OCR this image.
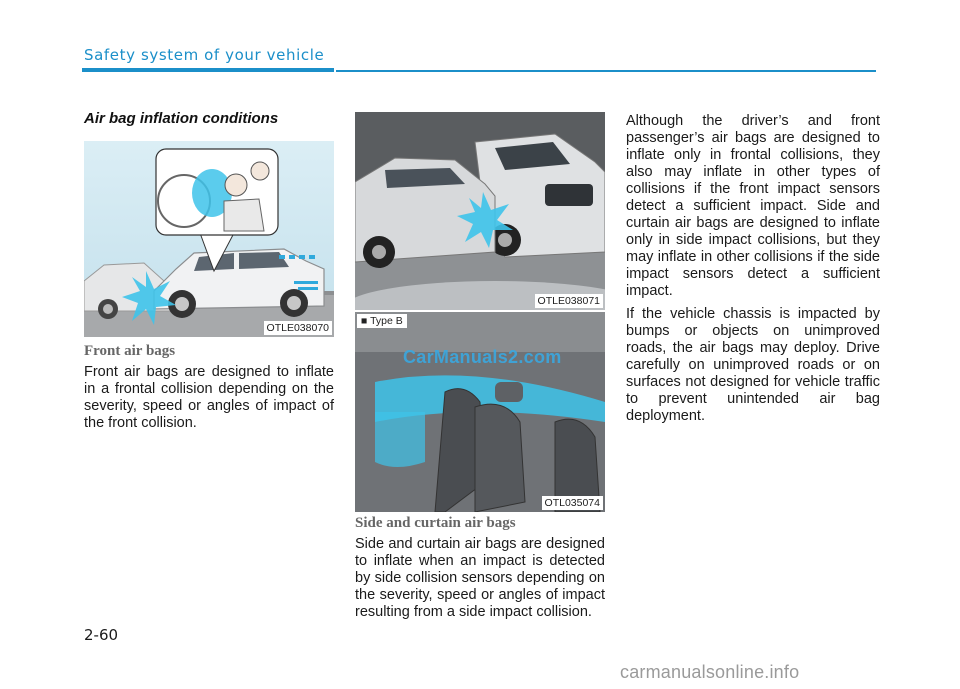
Safety system of your vehicle
Air bag inflation conditions
OTLE038070
Front air bags

Front air bags are designed to inflate in a frontal collision depending on the severity, speed or angles of impact of the front collision.

OTLE038071
■ Type B
OTL035074
CarManuals2.com
Side and curtain air bags

Side and curtain air bags are designed to inflate when an impact is detected by side collision sensors depending on the severity, speed or angles of impact resulting from a side impact collision.

Although the driver’s and front passenger’s air bags are designed to inflate only in frontal collisions, they also may inflate in other types of collisions if the front impact sensors detect a sufficient impact. Side and curtain air bags are designed to inflate only in side impact collisions, but they may inflate in other collisions if the side impact sensors detect a sufficient impact.

If the vehicle chassis is impacted by bumps or objects on unimproved roads, the air bags may deploy. Drive carefully on unimproved roads or on surfaces not designed for vehicle traffic to prevent unintended air bag deployment.

2-60
carmanualsonline.info
